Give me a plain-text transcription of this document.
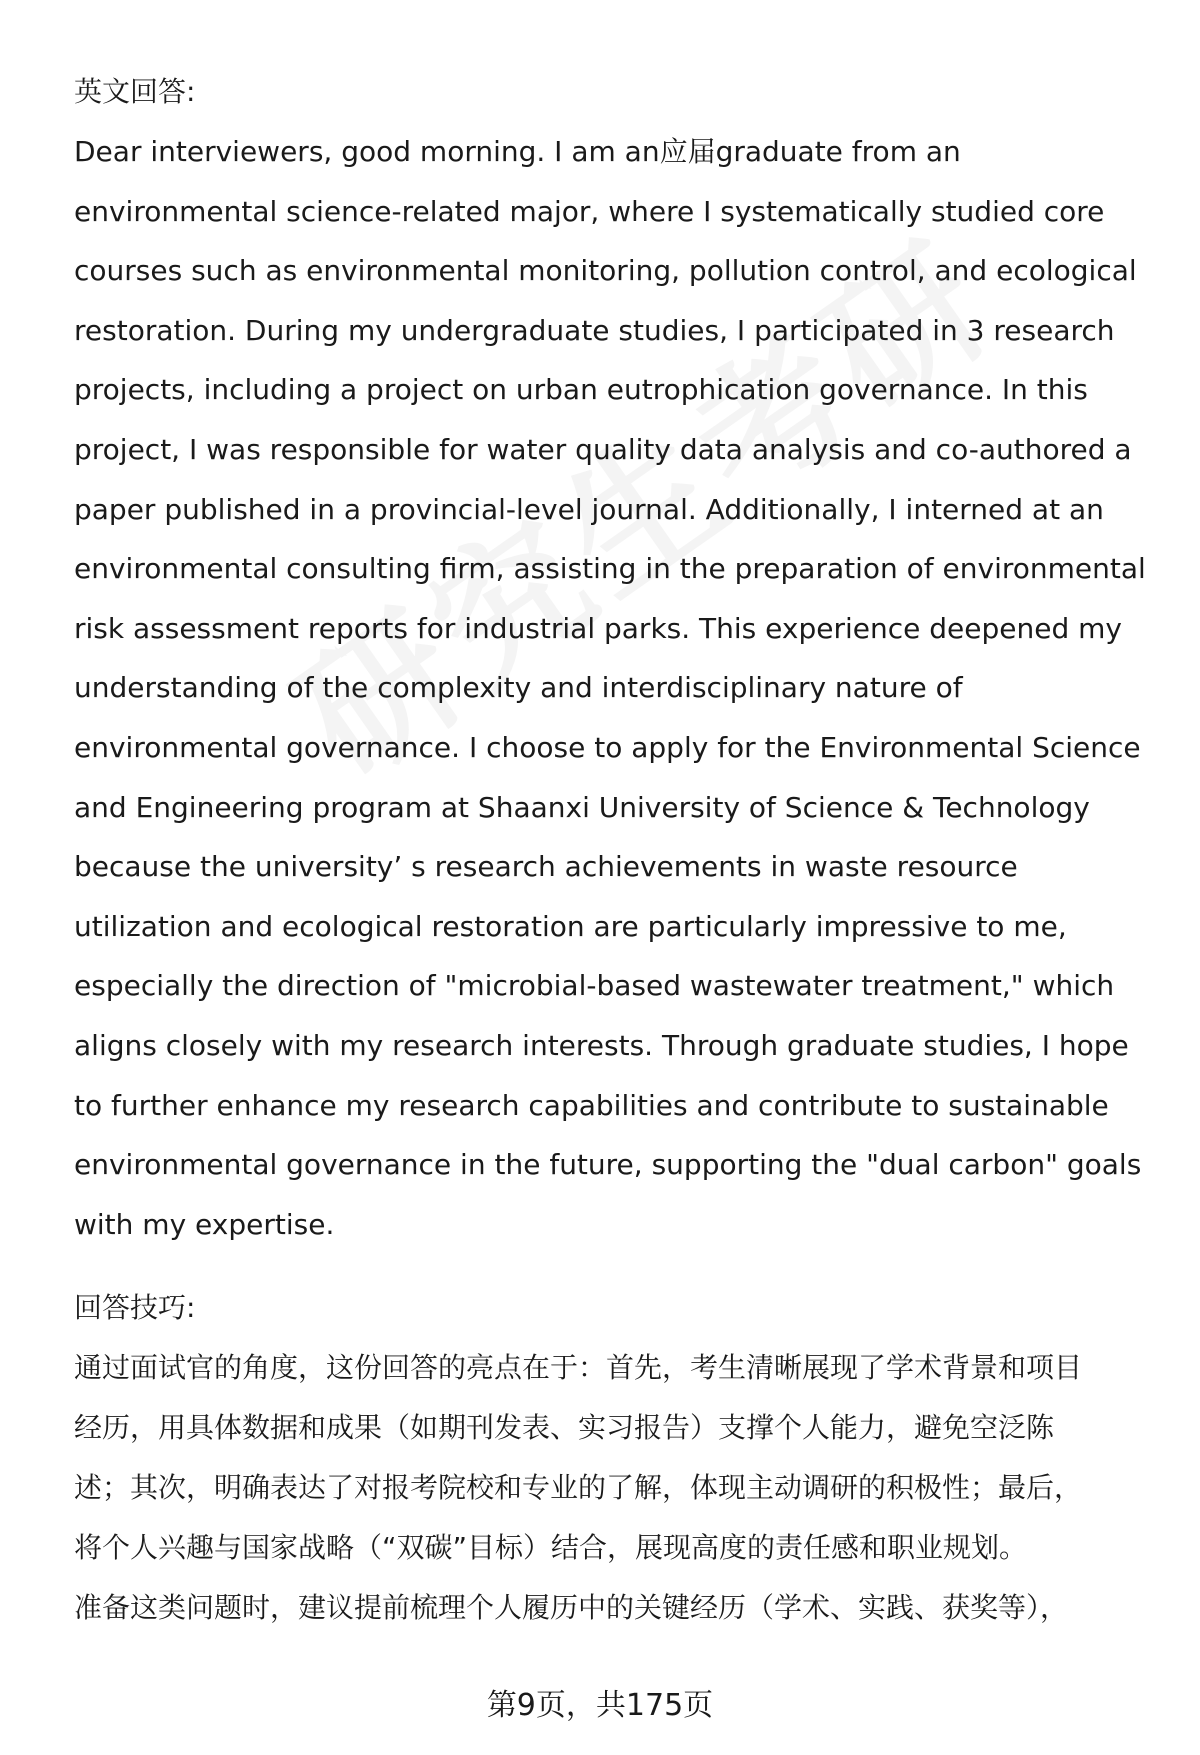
英文回答:

Dear interviewers, good morning. I am an应届graduate from an environmental science-related major, where I systematically studied core courses such as environmental monitoring, pollution control, and ecological restoration. During my undergraduate studies, I participated in 3 research projects, including a project on urban eutrophication governance. In this project, I was responsible for water quality data analysis and co-authored a paper published in a provincial-level journal. Additionally, I interned at an environmental consulting firm, assisting in the preparation of environmental risk assessment reports for industrial parks. This experience deepened my understanding of the complexity and interdisciplinary nature of environmental governance. I choose to apply for the Environmental Science and Engineering program at Shaanxi University of Science & Technology because the university’ s research achievements in waste resource utilization and ecological restoration are particularly impressive to me, especially the direction of "microbial-based wastewater treatment," which aligns closely with my research interests. Through graduate studies, I hope to further enhance my research capabilities and contribute to sustainable environmental governance in the future, supporting the "dual carbon" goals with my expertise.

回答技巧:

通过面试官的角度，这份回答的亮点在于：首先，考生清晰展现了学术背景和项目

经历，用具体数据和成果（如期刊发表、实习报告）支撑个人能力，避免空泛陈

述；其次，明确表达了对报考院校和专业的了解，体现主动调研的积极性；最后，

将个人兴趣与国家战略（“双碳”目标）结合，展现高度的责任感和职业规划。

准备这类问题时，建议提前梳理个人履历中的关键经历（学术、实践、获奖等），

第9页，共175页
